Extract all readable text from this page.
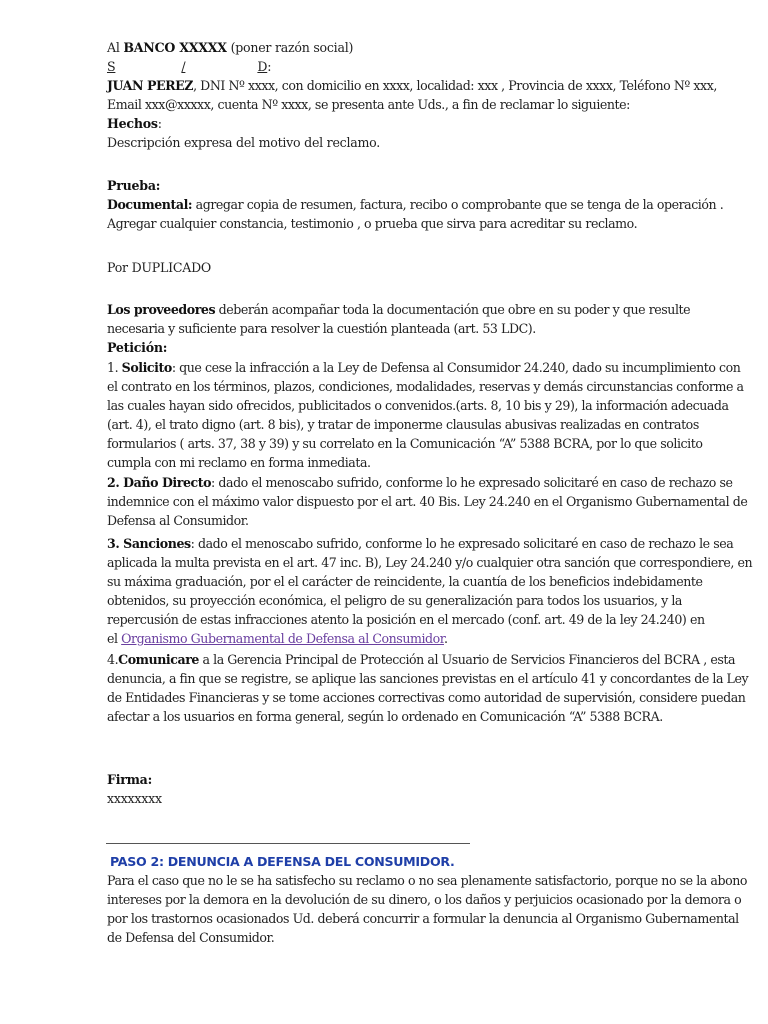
Al BANCO XXXXX (poner razón social)
S	/	D:
JUAN PEREZ, DNI Nº xxxx, con domicilio en xxxx, localidad: xxx , Provincia de xxxx, Teléfono Nº xxx,
Email xxx@xxxxx, cuenta Nº xxxx, se presenta ante Uds., a fin de reclamar lo siguiente:
Hechos:
Descripción expresa del motivo del reclamo.
Prueba:
Documental: agregar copia de resumen, factura, recibo o comprobante que se tenga de la operación .
Agregar cualquier constancia, testimonio , o prueba que sirva para acreditar su reclamo.
Por DUPLICADO
Los proveedores deberán acompañar toda la documentación que obre en su poder y que resulte
necesaria y suficiente para resolver la cuestión planteada (art. 53 LDC).
Petición:
1. Solicito: que cese la infracción a la Ley de Defensa al Consumidor 24.240, dado su incumplimiento con
el contrato en los términos, plazos, condiciones, modalidades, reservas y demás circunstancias conforme a
las cuales hayan sido ofrecidos, publicitados o convenidos.(arts. 8, 10 bis y 29), la información adecuada
(art. 4), el trato digno (art. 8 bis), y tratar de imponerme clausulas abusivas realizadas en contratos
formularios ( arts. 37, 38 y 39) y su correlato en la Comunicación “A” 5388 BCRA, por lo que solicito
cumpla con mi reclamo en forma inmediata.
2. Daño Directo: dado el menoscabo sufrido, conforme lo he expresado solicitaré en caso de rechazo se
indemnice con el máximo valor dispuesto por el art. 40 Bis. Ley 24.240 en el Organismo Gubernamental de
Defensa al Consumidor.
3. Sanciones: dado el menoscabo sufrido, conforme lo he expresado solicitaré en caso de rechazo le sea
aplicada la multa prevista en el art. 47 inc. B), Ley 24.240 y/o cualquier otra sanción que correspondiere, en
su máxima graduación, por el el carácter de reincidente, la cuantía de los beneficios indebidamente
obtenidos, su proyección económica, el peligro de su generalización para todos los usuarios, y la
repercusión de estas infracciones atento la posición en el mercado (conf. art. 49 de la ley 24.240) en
el Organismo Gubernamental de Defensa al Consumidor.
4.Comunicare a la Gerencia Principal de Protección al Usuario de Servicios Financieros del BCRA , esta
denuncia, a fin que se registre, se aplique las sanciones previstas en el artículo 41 y concordantes de la Ley
de Entidades Financieras y se tome acciones correctivas como autoridad de supervisión, considere puedan
afectar a los usuarios en forma general, según lo ordenado en Comunicación “A” 5388 BCRA.
Firma:
xxxxxxxx
PASO 2: DENUNCIA A DEFENSA DEL CONSUMIDOR.
Para el caso que no le se ha satisfecho su reclamo o no sea plenamente satisfactorio, porque no se la abono
intereses por la demora en la devolución de su dinero, o los daños y perjuicios ocasionado por la demora o
por los trastornos ocasionados Ud. deberá concurrir a formular la denuncia al Organismo Gubernamental
de Defensa del Consumidor.
